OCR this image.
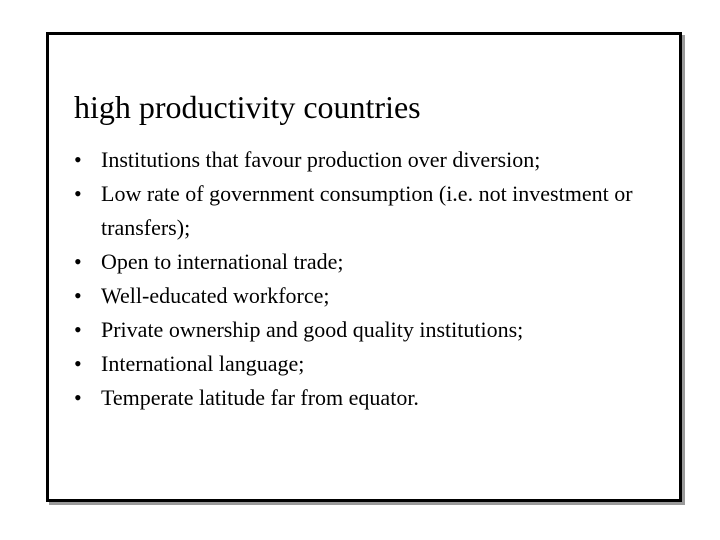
high productivity countries
• Institutions that favour production over diversion;
• Low rate of government consumption (i.e. not investment or transfers);
• Open to international trade;
• Well-educated workforce;
• Private ownership and good quality institutions;
• International language;
• Temperate latitude far from equator.
